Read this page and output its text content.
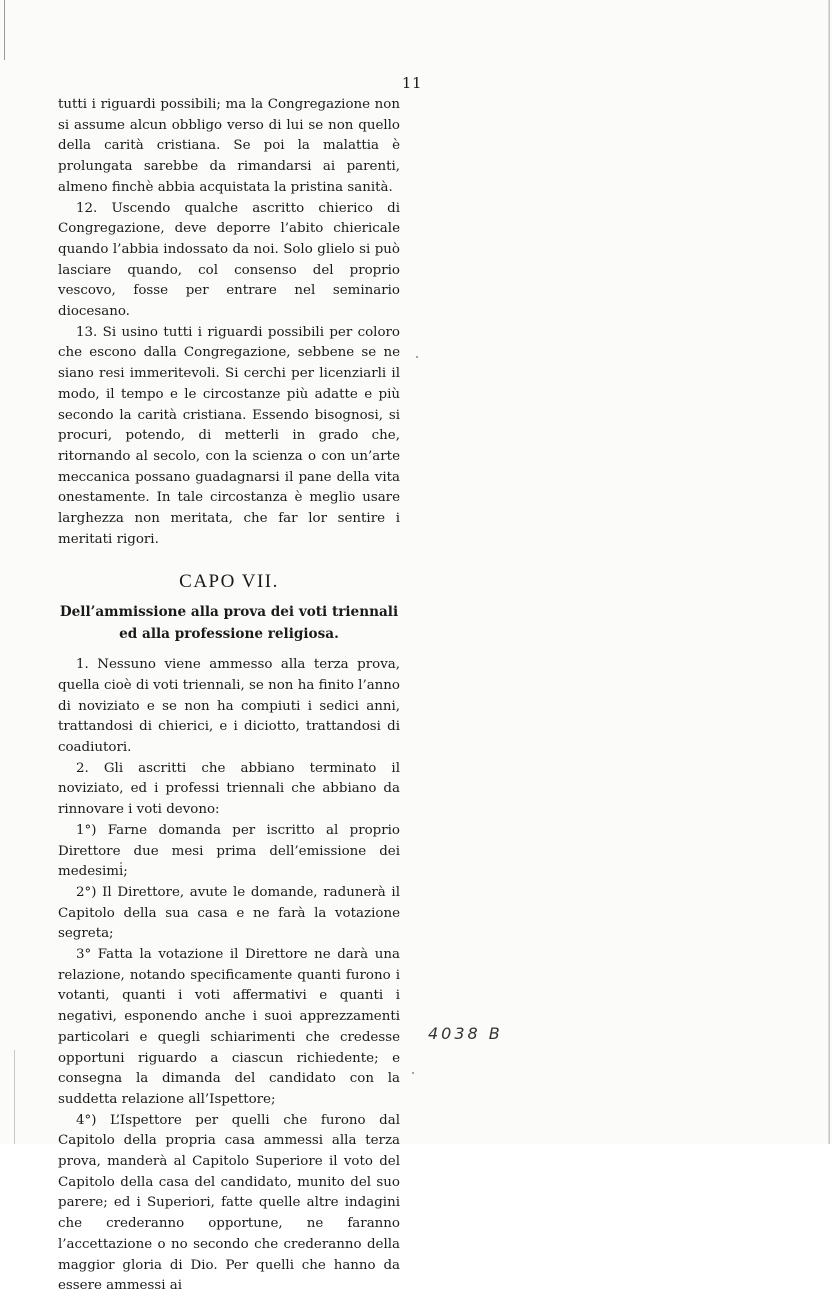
11

tutti i riguardi possibili; ma la Congregazione non si assume alcun obbligo verso di lui se non quello della carità cristiana. Se poi la malattia è prolungata sarebbe da rimandarsi ai parenti, almeno finchè abbia acquistata la pristina sanità.

12. Uscendo qualche ascritto chierico di Congregazione, deve deporre l’abito chiericale quando l’abbia indossato da noi. Solo glielo si può lasciare quando, col consenso del proprio vescovo, fosse per entrare nel seminario diocesano.

13. Si usino tutti i riguardi possibili per coloro che escono dalla Congregazione, sebbene se ne siano resi immeritevoli. Si cerchi per licenziarli il modo, il tempo e le circostanze più adatte e più secondo la carità cristiana. Essendo bisognosi, si procuri, potendo, di metterli in grado che, ritornando al secolo, con la scienza o con un’arte meccanica possano guadagnarsi il pane della vita onestamente. In tale circostanza è meglio usare larghezza non meritata, che far lor sentire i meritati rigori.

CAPO VII.
Dell’ammissione alla prova dei voti triennali
ed alla professione religiosa.

1. Nessuno viene ammesso alla terza prova, quella cioè di voti triennali, se non ha finito l’anno di noviziato e se non ha compiuti i sedici anni, trattandosi di chierici, e i diciotto, trattandosi di coadiutori.

2. Gli ascritti che abbiano terminato il noviziato, ed i professi triennali che abbiano da rinnovare i voti devono:

1°) Farne domanda per iscritto al proprio Direttore due mesi prima dell’emissione dei medesimi;

2°) Il Direttore, avute le domande, radunerà il Capitolo della sua casa e ne farà la votazione segreta;

3° Fatta la votazione il Direttore ne darà una relazione, notando specificamente quanti furono i votanti, quanti i voti affermativi e quanti i negativi, esponendo anche i suoi apprezzamenti particolari e quegli schiarimenti che credesse opportuni riguardo a ciascun richiedente; e consegna la dimanda del candidato con la suddetta relazione all’Ispettore;

4°) L’Ispettore per quelli che furono dal Capitolo della propria casa ammessi alla terza prova, manderà al Capitolo Superiore il voto del Capitolo della casa del candidato, munito del suo parere; ed i Superiori, fatte quelle altre indagini che crederanno opportune, ne faranno l’accettazione o no secondo che crederanno della maggior gloria di Dio. Per quelli che hanno da essere ammessi ai

4038 B
